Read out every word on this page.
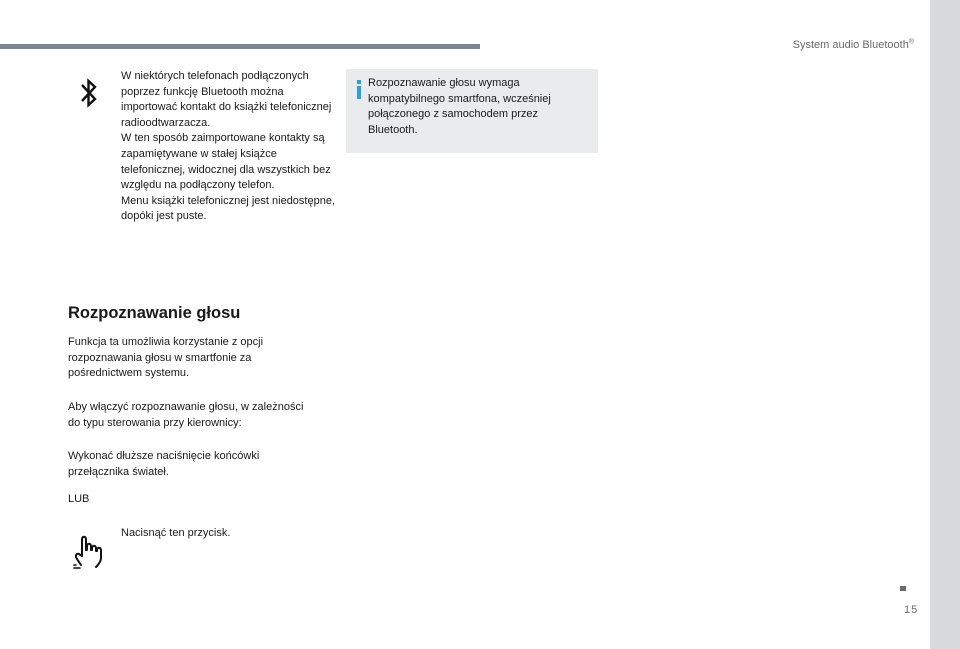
System audio Bluetooth®

W niektórych telefonach podłączonych poprzez funkcję Bluetooth można importować kontakt do książki telefonicznej radioodtwarzacza.

W ten sposób zaimportowane kontakty są zapamiętywane w stałej książce telefonicznej, widocznej dla wszystkich bez względu na podłączony telefon.

Menu książki telefonicznej jest niedostępne, dopóki jest puste.

Rozpoznawanie głosu wymaga kompatybilnego smartfona, wcześniej połączonego z samochodem przez Bluetooth.
Rozpoznawanie głosu

Funkcja ta umożliwia korzystanie z opcji rozpoznawania głosu w smartfonie za pośrednictwem systemu.

Aby włączyć rozpoznawanie głosu, w zależności do typu sterowania przy kierownicy:

Wykonać dłuższe naciśnięcie końcówki przełącznika świateł.

LUB

Nacisnąć ten przycisk.

15
